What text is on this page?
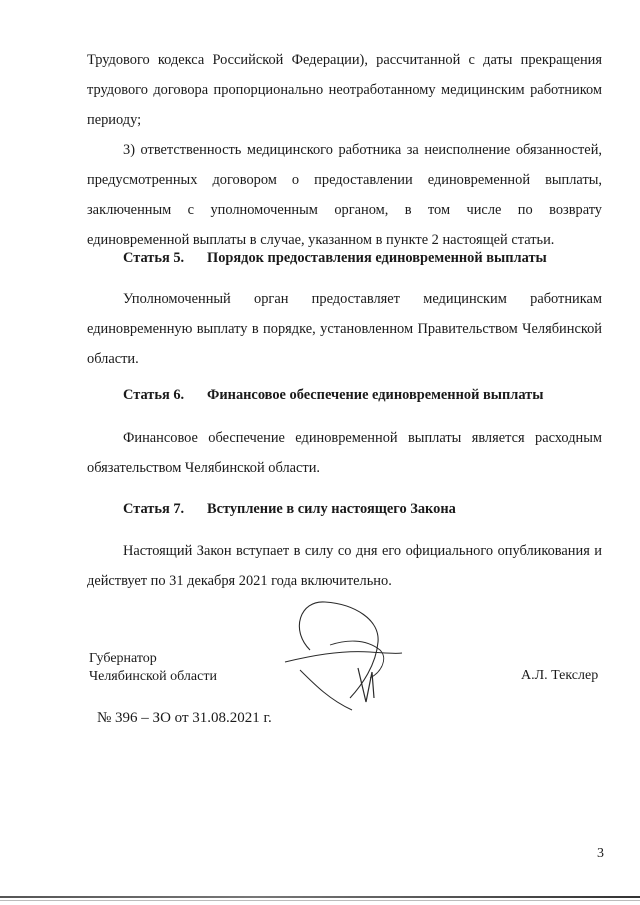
Трудового кодекса Российской Федерации), рассчитанной с даты прекращения трудового договора пропорционально неотработанному медицинским работником периоду;

3) ответственность медицинского работника за неисполнение обязанностей, предусмотренных договором о предоставлении единовременной выплаты, заключенным с уполномоченным органом, в том числе по возврату единовременной выплаты в случае, указанном в пункте 2 настоящей статьи.

Статья 5. Порядок предоставления единовременной выплаты

Уполномоченный орган предоставляет медицинским работникам единовременную выплату в порядке, установленном Правительством Челябинской области.

Статья 6. Финансовое обеспечение единовременной выплаты

Финансовое обеспечение единовременной выплаты является расходным обязательством Челябинской области.

Статья 7. Вступление в силу настоящего Закона

Настоящий Закон вступает в силу со дня его официального опубликования и действует по 31 декабря 2021 года включительно.

Губернатор
Челябинской области	А.Л. Текслер
№ 396 – ЗО от 31.08.2021 г.
3
